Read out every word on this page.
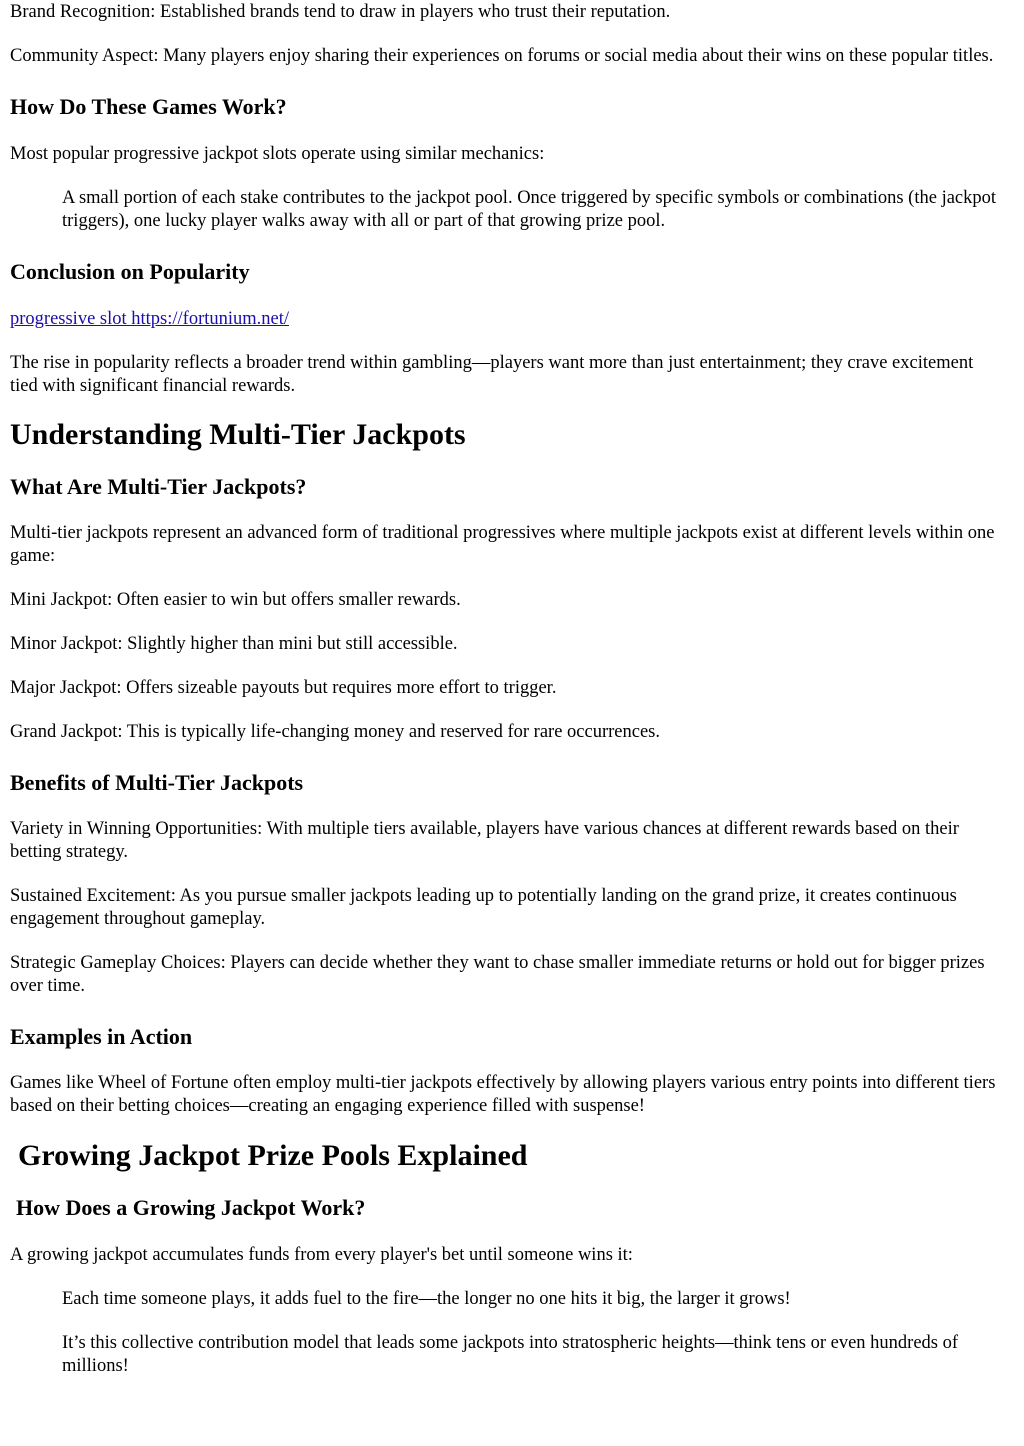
Brand Recognition: Established brands tend to draw in players who trust their reputation.

Community Aspect: Many players enjoy sharing their experiences on forums or social media about their wins on these popular titles.

How Do These Games Work?

Most popular progressive jackpot slots operate using similar mechanics:

A small portion of each stake contributes to the jackpot pool. Once triggered by specific symbols or combinations (the jackpot triggers), one lucky player walks away with all or part of that growing prize pool.

Conclusion on Popularity

progressive slot https://fortunium.net/

The rise in popularity reflects a broader trend within gambling—players want more than just entertainment; they crave excitement tied with significant financial rewards.

Understanding Multi-Tier Jackpots
What Are Multi-Tier Jackpots?

Multi-tier jackpots represent an advanced form of traditional progressives where multiple jackpots exist at different levels within one game:

Mini Jackpot: Often easier to win but offers smaller rewards.

Minor Jackpot: Slightly higher than mini but still accessible.

Major Jackpot: Offers sizeable payouts but requires more effort to trigger.

Grand Jackpot: This is typically life-changing money and reserved for rare occurrences.

Benefits of Multi-Tier Jackpots

Variety in Winning Opportunities: With multiple tiers available, players have various chances at different rewards based on their betting strategy.

Sustained Excitement: As you pursue smaller jackpots leading up to potentially landing on the grand prize, it creates continuous engagement throughout gameplay.

Strategic Gameplay Choices: Players can decide whether they want to chase smaller immediate returns or hold out for bigger prizes over time.

Examples in Action

Games like Wheel of Fortune often employ multi-tier jackpots effectively by allowing players various entry points into different tiers based on their betting choices—creating an engaging experience filled with suspense!

Growing Jackpot Prize Pools Explained
How Does a Growing Jackpot Work?

A growing jackpot accumulates funds from every player's bet until someone wins it:

Each time someone plays, it adds fuel to the fire—the longer no one hits it big, the larger it grows!

It’s this collective contribution model that leads some jackpots into stratospheric heights—think tens or even hundreds of millions!
